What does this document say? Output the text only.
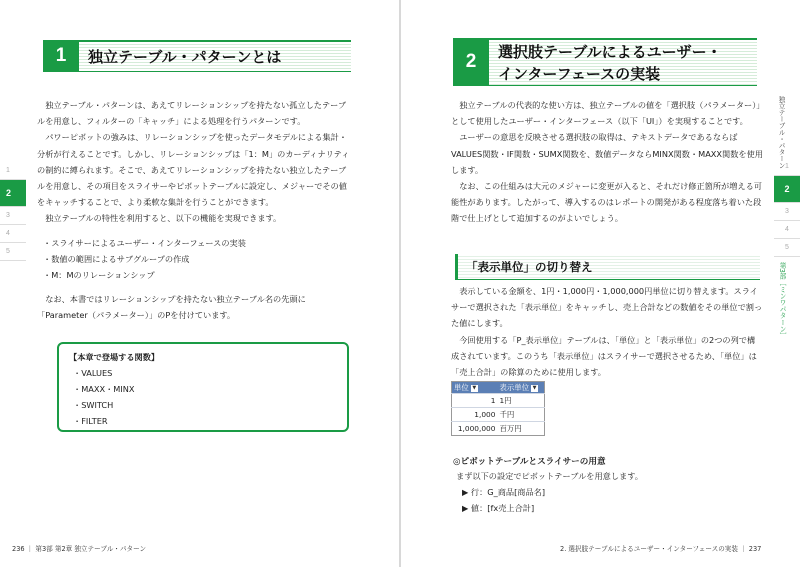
1	独立テーブル・パターンとは

独立テーブル・パターンは、あえてリレーションシップを持たない孤立したテーブルを用意し、フィルターの「キャッチ」による処理を行うパターンです。

パワーピボットの強みは、リレーションシップを使ったデータモデルによる集計・分析が行えることです。しかし、リレーションシップは「1：M」のカーディナリティの制約に縛られます。そこで、あえてリレーションシップを持たない独立したテーブルを用意し、その項目をスライサーやピボットテーブルに設定し、メジャーでその値をキャッチすることで、より柔軟な集計を行うことができます。

独立テーブルの特性を利用すると、以下の機能を実現できます。

・スライサーによるユーザー・インターフェースの実装

・数値の範囲によるサブグループの作成

・M：Mのリレーションシップ

なお、本書ではリレーションシップを持たない独立テーブル名の先頭に「Parameter（パラメーター）」のPを付けています。

【本章で登場する関数】
・VALUES
・MAXX・MINX
・SWITCH
・FILTER
1
2
3
4
5
236 ｜ 第3部 第2章 独立テーブル・パターン
2	選択肢テーブルによるユーザー・
インターフェースの実装

独立テーブルの代表的な使い方は、独立テーブルの値を「選択肢（パラメーター）」として使用したユーザー・インターフェース（以下「UI」）を実現することです。

ユーザーの意思を反映させる選択肢の取得は、テキストデータであるならばVALUES関数・IF関数・SUMX関数を、数値データならMINX関数・MAXX関数を使用します。

なお、この仕組みは大元のメジャーに変更が入ると、それだけ修正箇所が増える可能性があります。したがって、導入するのはレポートの開発がある程度落ち着いた段階で仕上げとして追加するのがよいでしょう。

「表示単位」の切り替え

表示している金額を、1円・1,000円・1,000,000円単位に切り替えます。スライサーで選択された「表示単位」をキャッチし、売上合計などの数値をその単位で割った値にします。

今回使用する「P_表示単位」テーブルは、「単位」と「表示単位」の2つの列で構成されています。このうち「表示単位」はスライサーで選択させるため、「単位」は「売上合計」の除算のために使用します。

単位 ▼	表示単位 ▼
1	1円
1,000	千円
1,000,000	百万円
◎ピボットテーブルとスライサーの用意

まず以下の設定でピボットテーブルを用意します。

▶ 行：G_商品[商品名]

▶ 値：[fx売上合計]

独立テーブル・パターン 1
2
3
4
5
第3部［ミンワパターン］
2. 選択肢テーブルによるユーザー・インターフェースの実装 ｜ 237
